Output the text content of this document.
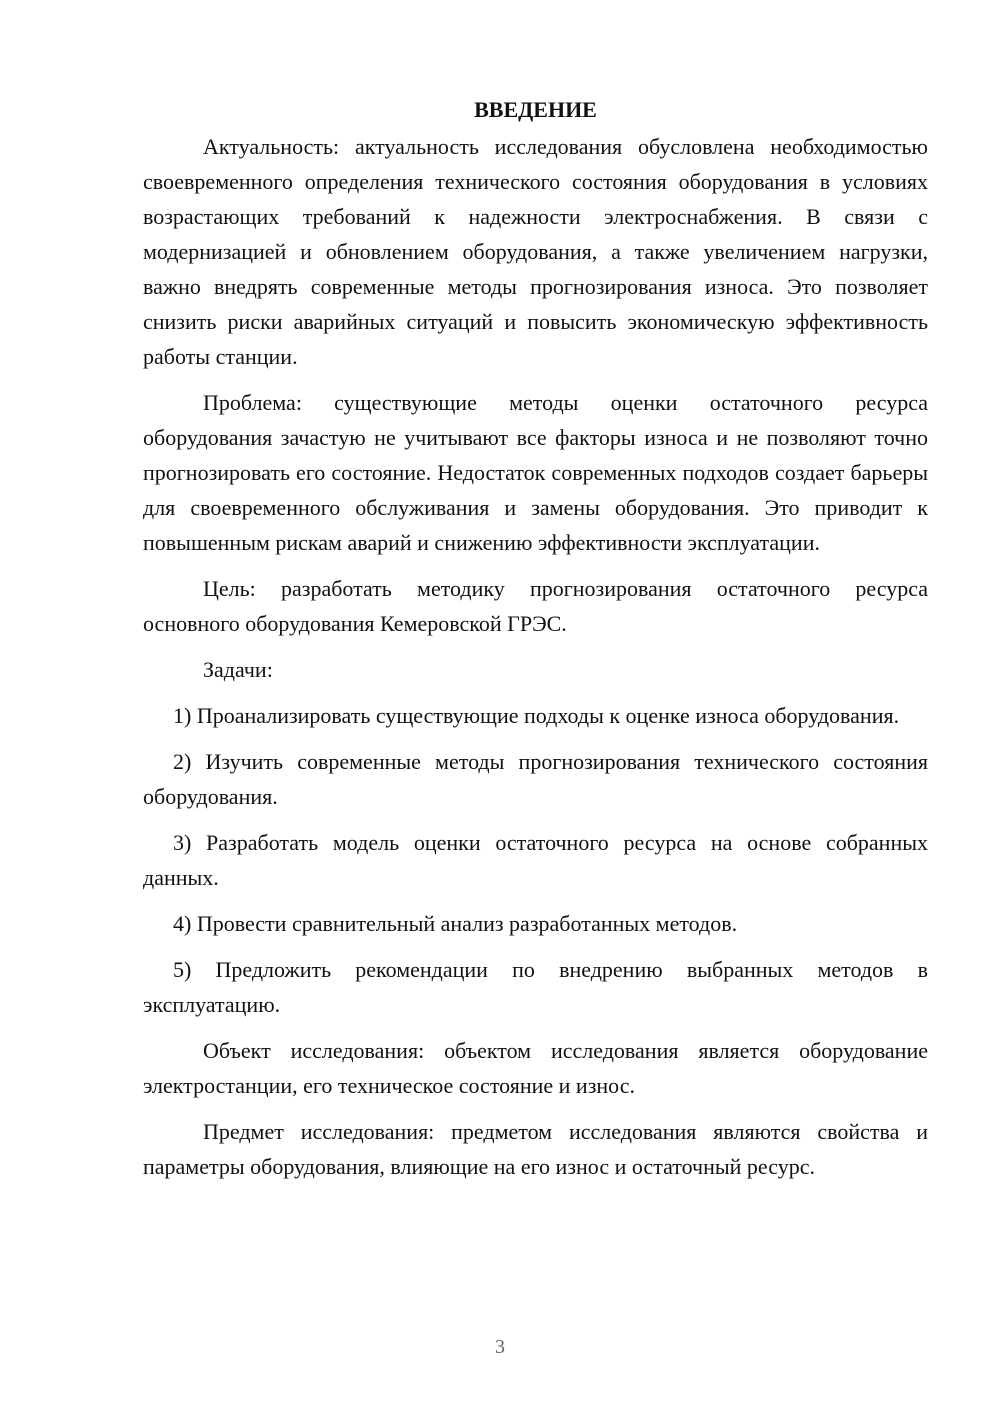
ВВЕДЕНИЕ

Актуальность: актуальность исследования обусловлена необходимостью своевременного определения технического состояния оборудования в условиях возрастающих требований к надежности электроснабжения. В связи с модернизацией и обновлением оборудования, а также увеличением нагрузки, важно внедрять современные методы прогнозирования износа. Это позволяет снизить риски аварийных ситуаций и повысить экономическую эффективность работы станции.

Проблема: существующие методы оценки остаточного ресурса оборудования зачастую не учитывают все факторы износа и не позволяют точно прогнозировать его состояние. Недостаток современных подходов создает барьеры для своевременного обслуживания и замены оборудования. Это приводит к повышенным рискам аварий и снижению эффективности эксплуатации.

Цель: разработать методику прогнозирования остаточного ресурса основного оборудования Кемеровской ГРЭС.

Задачи:

1) Проанализировать существующие подходы к оценке износа оборудования.

2) Изучить современные методы прогнозирования технического состояния оборудования.

3) Разработать модель оценки остаточного ресурса на основе собранных данных.

4) Провести сравнительный анализ разработанных методов.

5) Предложить рекомендации по внедрению выбранных методов в эксплуатацию.

Объект исследования: объектом исследования является оборудование электростанции, его техническое состояние и износ.

Предмет исследования: предметом исследования являются свойства и параметры оборудования, влияющие на его износ и остаточный ресурс.

3
